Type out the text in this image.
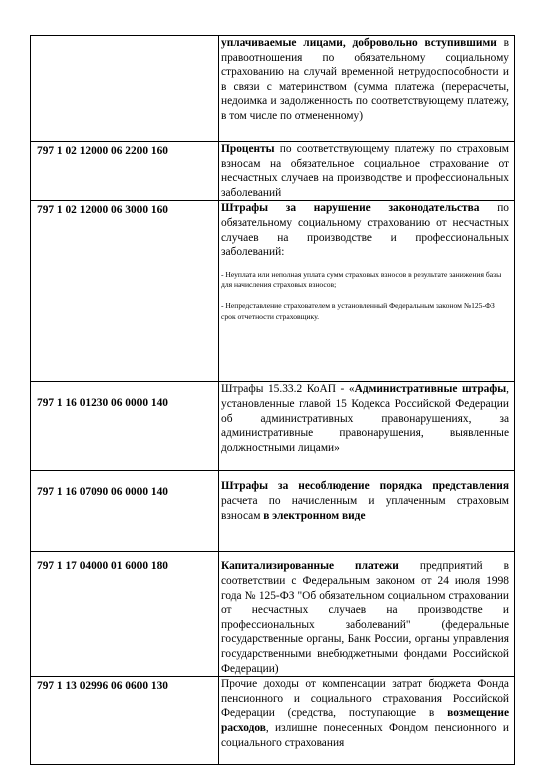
	уплачиваемые лицами, добровольно вступившими в правоотношения по обязательному социальному страхованию на случай временной нетрудоспособности и в связи с материнством (сумма платежа (перерасчеты, недоимка и задолженность по соответствующему платежу, в том числе по отмененному)

797 1 02 12000 06 2200 160	Проценты по соответствующему платежу по страховым взносам на обязательное социальное страхование от несчастных случаев на производстве и профессиональных заболеваний

797 1 02 12000 06 3000 160	Штрафы за нарушение законодательства по обязательному социальному страхованию от несчастных случаев на производстве и профессиональных заболеваний:
- Неуплата или неполная уплата сумм страховых взносов в результате занижения базы для начисления страховых взносов;
- Непредставление страхователем в установленный Федеральным законом №125-ФЗ срок отчетности страховщику.

797 1 16 01230 06 0000 140	Штрафы 15.33.2 КоАП - «Административные штрафы, установленные главой 15 Кодекса Российской Федерации об административных правонарушениях, за административные правонарушения, выявленные должностными лицами»

797 1 16 07090 06 0000 140	Штрафы за несоблюдение порядка представления расчета по начисленным и уплаченным страховым взносам в электронном виде

797 1 17 04000 01 6000 180	Капитализированные платежи предприятий в соответствии с Федеральным законом от 24 июля 1998 года № 125-ФЗ "Об обязательном социальном страховании от несчастных случаев на производстве и профессиональных заболеваний" (федеральные государственные органы, Банк России, органы управления государственными внебюджетными фондами Российской Федерации)

797 1 13 02996 06 0600 130	Прочие доходы от компенсации затрат бюджета Фонда пенсионного и социального страхования Российской Федерации (средства, поступающие в возмещение расходов, излишне понесенных Фондом пенсионного и социального страхования
